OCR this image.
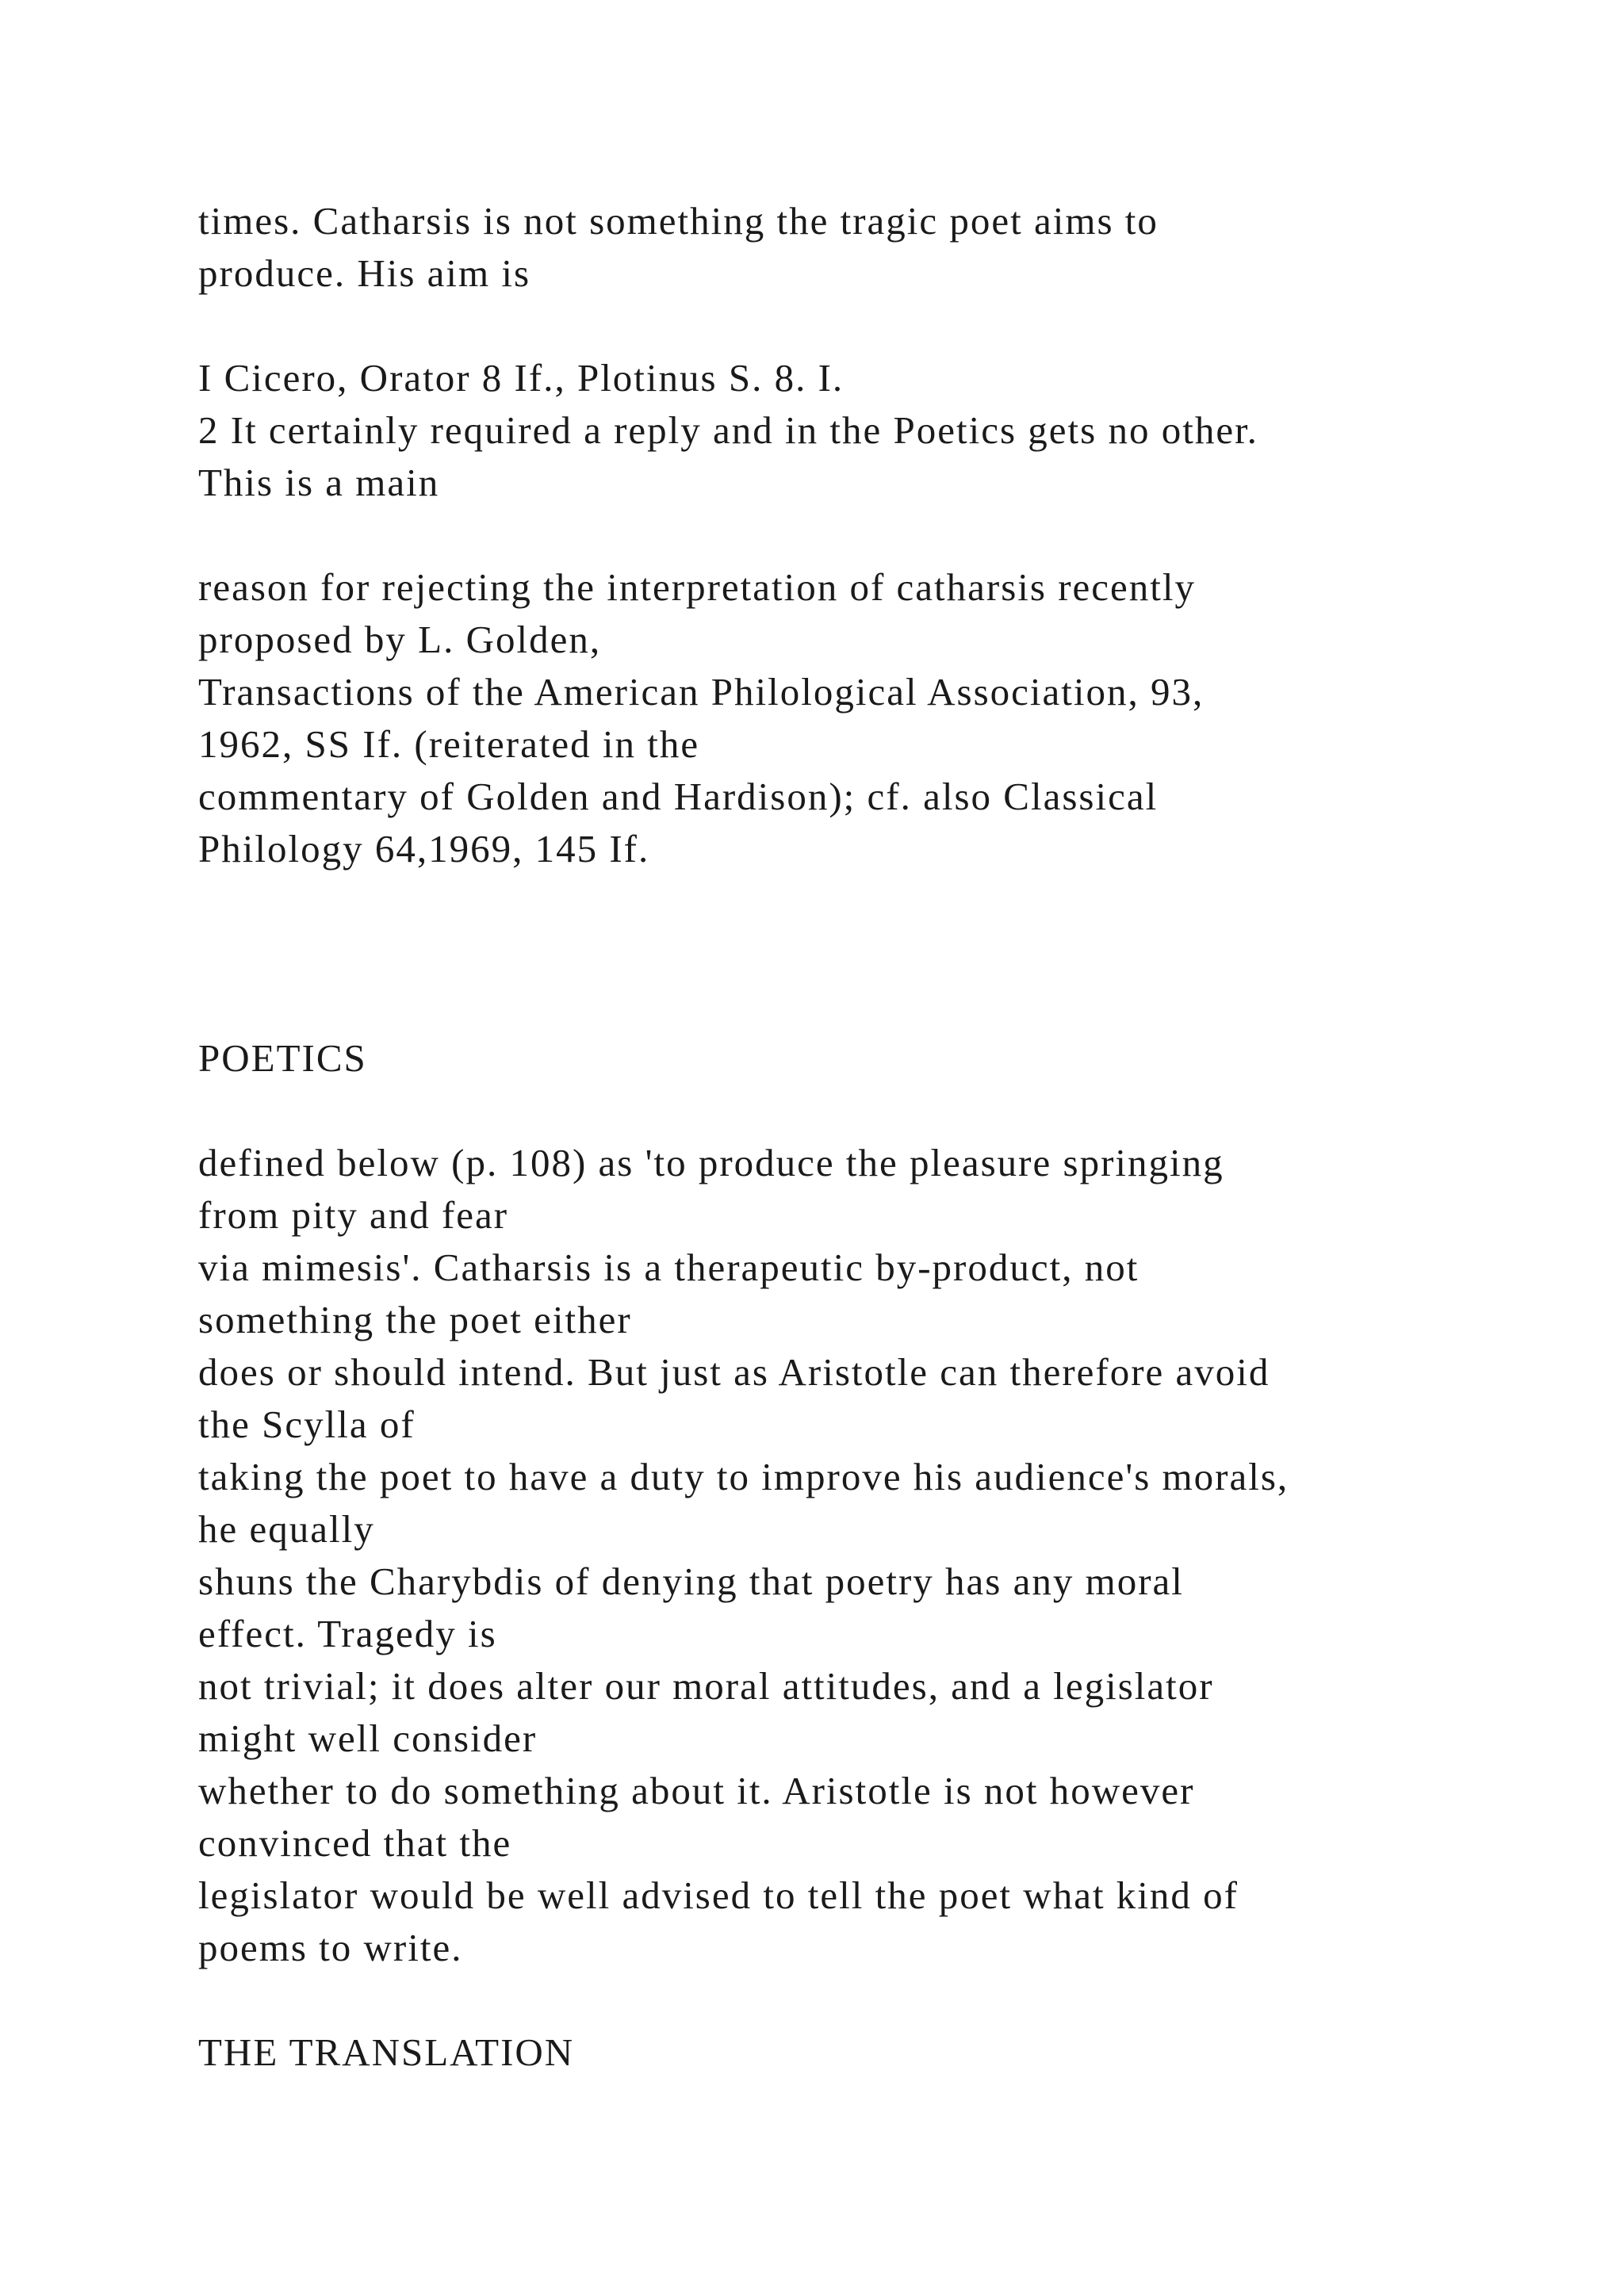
times. Catharsis is not something the tragic poet aims to
produce. His aim is
I Cicero, Orator 8 If., Plotinus S. 8. I.
2 It certainly required a reply and in the Poetics gets no other.
This is a main
reason for rejecting the interpretation of catharsis recently
proposed by L. Golden,
Transactions of the American Philological Association, 93,
1962, SS If. (reiterated in the
commentary of Golden and Hardison); cf. also Classical
Philology 64,1969, 145 If.
POETICS
defined below (p. 108) as 'to produce the pleasure springing
from pity and fear
via mimesis'. Catharsis is a therapeutic by-product, not
something the poet either
does or should intend. But just as Aristotle can therefore avoid
the Scylla of
taking the poet to have a duty to improve his audience's morals,
he equally
shuns the Charybdis of denying that poetry has any moral
effect. Tragedy is
not trivial; it does alter our moral attitudes, and a legislator
might well consider
whether to do something about it. Aristotle is not however
convinced that the
legislator would be well advised to tell the poet what kind of
poems to write.
THE TRANSLATION
